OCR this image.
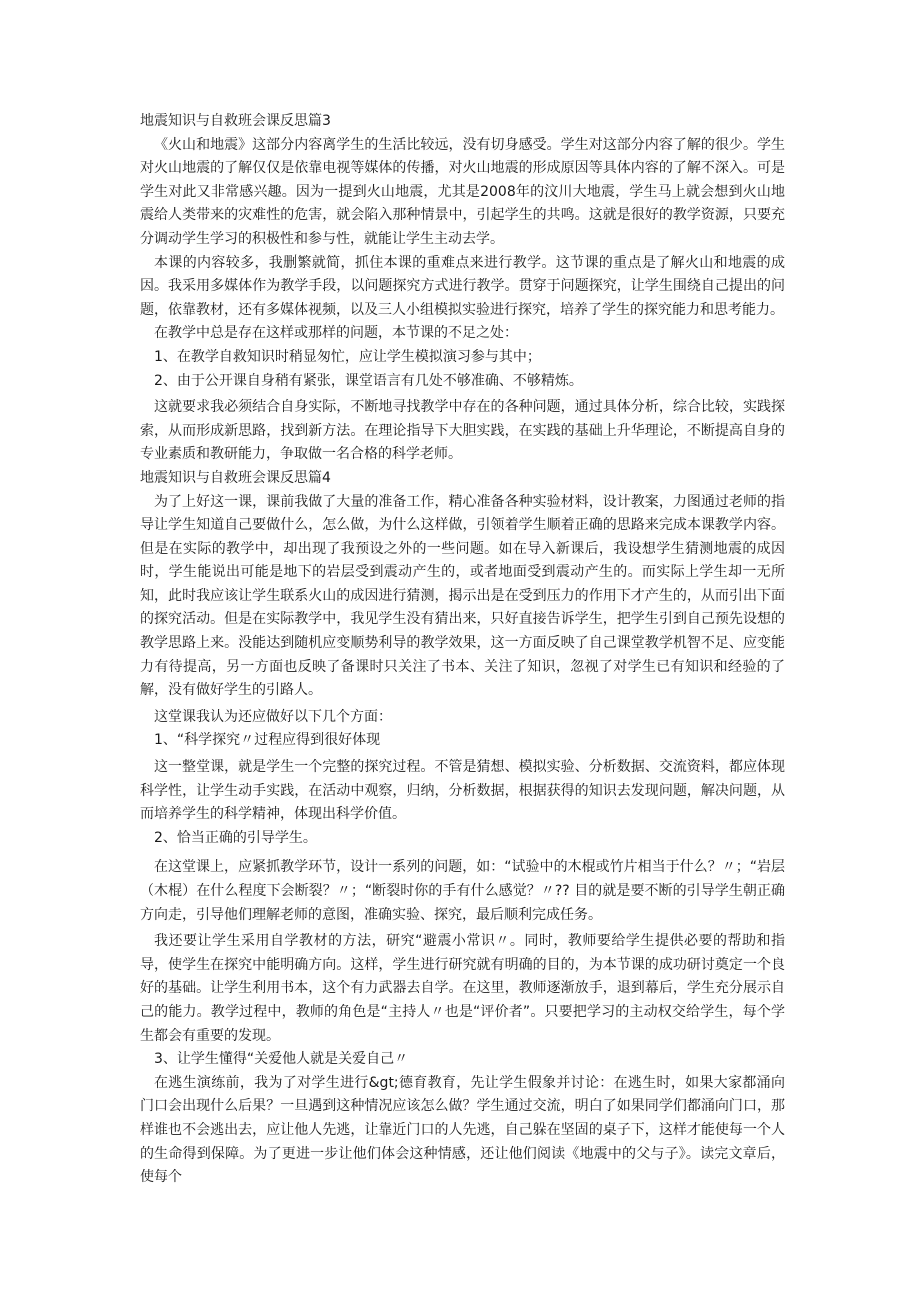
地震知识与自救班会课反思篇3

《火山和地震》这部分内容离学生的生活比较远，没有切身感受。学生对这部分内容了解的很少。学生对火山地震的了解仅仅是依靠电视等媒体的传播，对火山地震的形成原因等具体内容的了解不深入。可是学生对此又非常感兴趣。因为一提到火山地震，尤其是2008年的汶川大地震，学生马上就会想到火山地震给人类带来的灾难性的危害，就会陷入那种情景中，引起学生的共鸣。这就是很好的教学资源，只要充分调动学生学习的积极性和参与性，就能让学生主动去学。

本课的内容较多，我删繁就简，抓住本课的重难点来进行教学。这节课的重点是了解火山和地震的成因。我采用多媒体作为教学手段，以问题探究方式进行教学。贯穿于问题探究，让学生围绕自己提出的问题，依靠教材，还有多媒体视频，以及三人小组模拟实验进行探究，培养了学生的探究能力和思考能力。

在教学中总是存在这样或那样的问题，本节课的不足之处：

1、在教学自救知识时稍显匆忙，应让学生模拟演习参与其中；

2、由于公开课自身稍有紧张，课堂语言有几处不够准确、不够精炼。

这就要求我必须结合自身实际，不断地寻找教学中存在的各种问题，通过具体分析，综合比较，实践探索，从而形成新思路，找到新方法。在理论指导下大胆实践，在实践的基础上升华理论，不断提高自身的专业素质和教研能力，争取做一名合格的科学老师。

地震知识与自救班会课反思篇4

为了上好这一课，课前我做了大量的准备工作，精心准备各种实验材料，设计教案，力图通过老师的指导让学生知道自己要做什么，怎么做，为什么这样做，引领着学生顺着正确的思路来完成本课教学内容。但是在实际的教学中，却出现了我预设之外的一些问题。如在导入新课后，我设想学生猜测地震的成因时，学生能说出可能是地下的岩层受到震动产生的，或者地面受到震动产生的。而实际上学生却一无所知，此时我应该让学生联系火山的成因进行猜测，揭示出是在受到压力的作用下才产生的，从而引出下面的探究活动。但是在实际教学中，我见学生没有猜出来，只好直接告诉学生，把学生引到自己预先设想的教学思路上来。没能达到随机应变顺势利导的教学效果，这一方面反映了自己课堂教学机智不足、应变能力有待提高，另一方面也反映了备课时只关注了书本、关注了知识，忽视了对学生已有知识和经验的了解，没有做好学生的引路人。

这堂课我认为还应做好以下几个方面：

1、“科学探究〃过程应得到很好体现

这一整堂课，就是学生一个完整的探究过程。不管是猜想、模拟实验、分析数据、交流资料，都应体现科学性，让学生动手实践，在活动中观察，归纳，分析数据，根据获得的知识去发现问题，解决问题，从而培养学生的科学精神，体现出科学价值。

2、恰当正确的引导学生。

在这堂课上，应紧抓教学环节，设计一系列的问题，如：“试验中的木棍或竹片相当于什么？〃；“岩层（木棍）在什么程度下会断裂？〃；“断裂时你的手有什么感觉？〃?? 目的就是要不断的引导学生朝正确方向走，引导他们理解老师的意图，准确实验、探究，最后顺利完成任务。

我还要让学生采用自学教材的方法，研究“避震小常识〃。同时，教师要给学生提供必要的帮助和指导，使学生在探究中能明确方向。这样，学生进行研究就有明确的目的，为本节课的成功研讨奠定一个良好的基础。让学生利用书本，这个有力武器去自学。在这里，教师逐渐放手，退到幕后，学生充分展示自己的能力。教学过程中，教师的角色是“主持人〃也是“评价者”。只要把学习的主动权交给学生，每个学生都会有重要的发现。

3、让学生懂得“关爱他人就是关爱自己〃

在逃生演练前，我为了对学生进行&gt;德育教育，先让学生假象并讨论：在逃生时，如果大家都涌向门口会出现什么后果？一旦遇到这种情况应该怎么做？学生通过交流，明白了如果同学们都涌向门口，那样谁也不会逃出去，应让他人先逃，让靠近门口的人先逃，自己躲在坚固的桌子下，这样才能使每一个人的生命得到保障。为了更进一步让他们体会这种情感，还让他们阅读《地震中的父与子》。读完文章后，使每个
